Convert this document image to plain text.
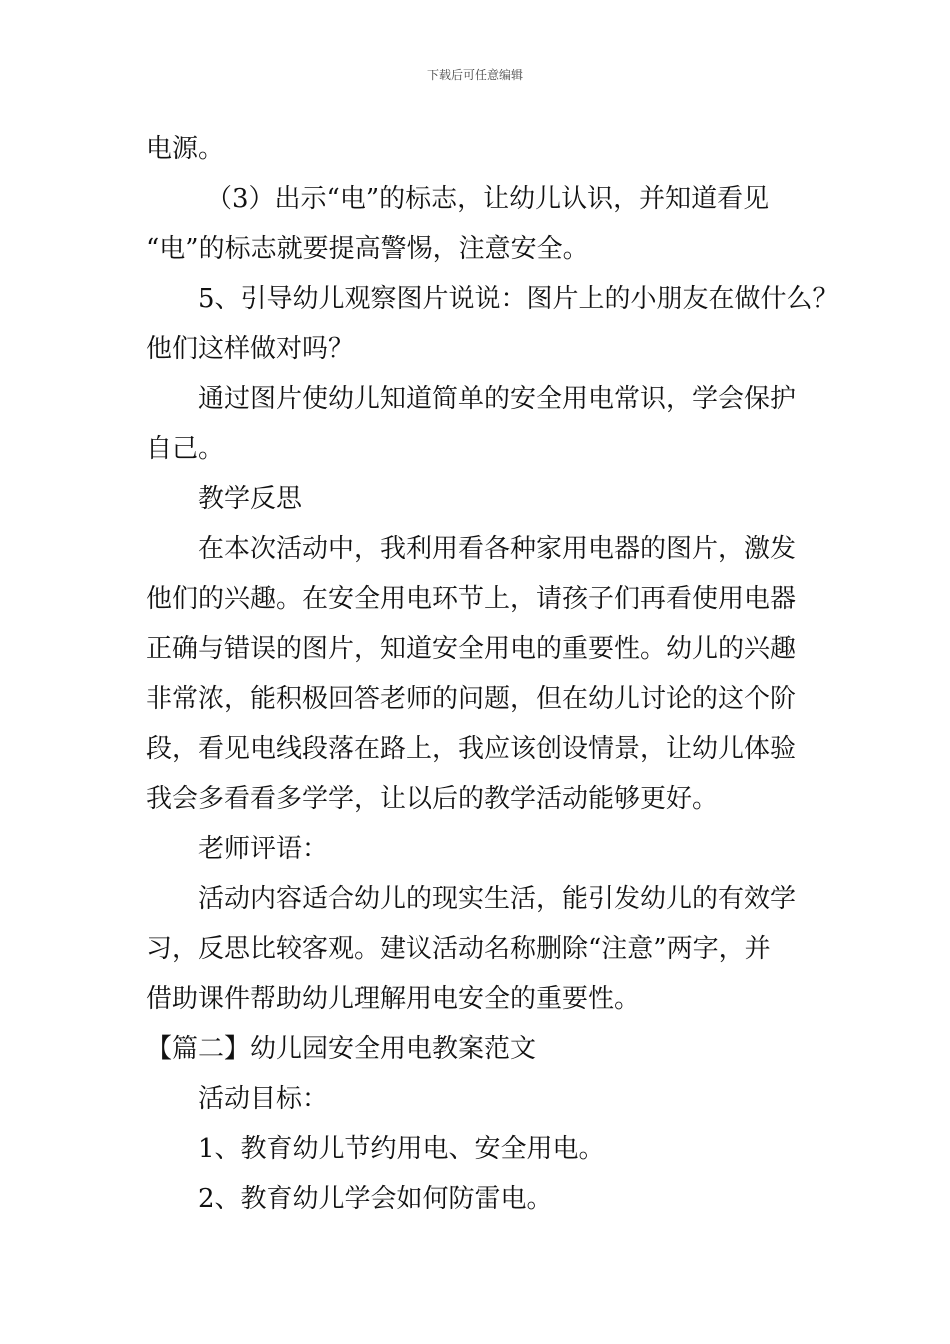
下载后可任意编辑

电源。

（3）出示“电”的标志，让幼儿认识，并知道看见

“电”的标志就要提高警惕，注意安全。

5、引导幼儿观察图片说说：图片上的小朋友在做什么？

他们这样做对吗？

通过图片使幼儿知道简单的安全用电常识，学会保护

自己。

教学反思

在本次活动中，我利用看各种家用电器的图片，激发

他们的兴趣。在安全用电环节上，请孩子们再看使用电器

正确与错误的图片，知道安全用电的重要性。幼儿的兴趣

非常浓，能积极回答老师的问题，但在幼儿讨论的这个阶

段，看见电线段落在路上，我应该创设情景，让幼儿体验

我会多看看多学学，让以后的教学活动能够更好。

老师评语：

活动内容适合幼儿的现实生活，能引发幼儿的有效学

习，反思比较客观。建议活动名称删除“注意”两字，并

借助课件帮助幼儿理解用电安全的重要性。

【篇二】幼儿园安全用电教案范文

活动目标：

1、教育幼儿节约用电、安全用电。

2、教育幼儿学会如何防雷电。
